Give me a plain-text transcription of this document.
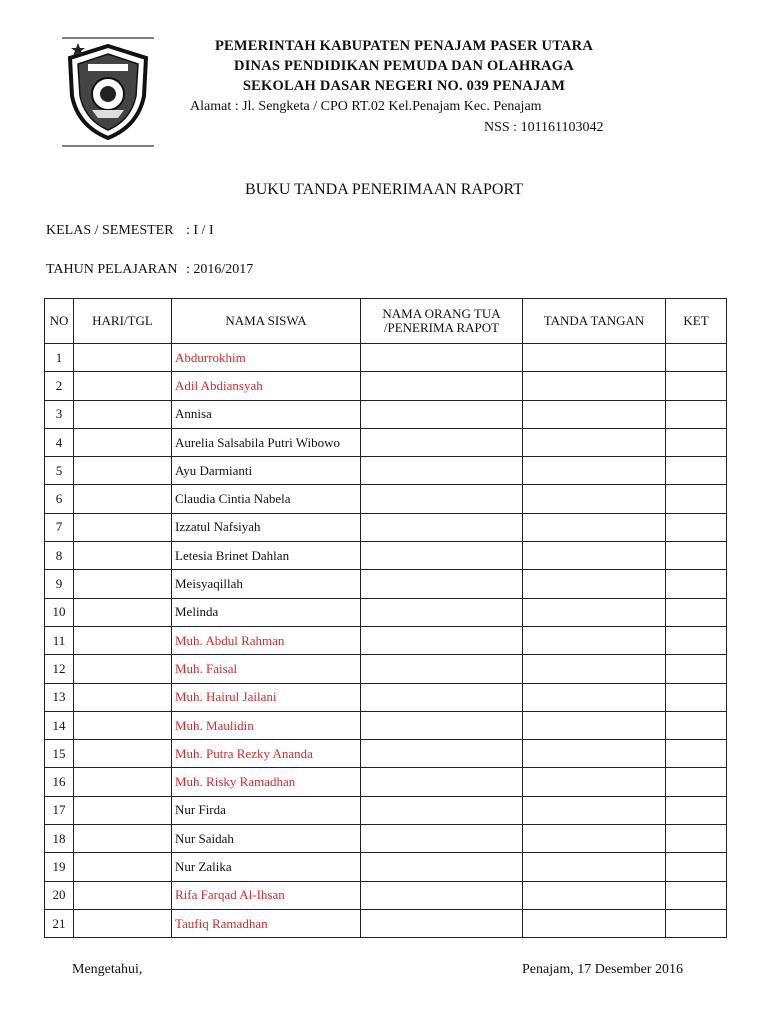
PEMERINTAH KABUPATEN PENAJAM PASER UTARA
DINAS PENDIDIKAN PEMUDA DAN OLAHRAGA
SEKOLAH DASAR NEGERI NO. 039 PENAJAM
Alamat : Jl. Sengketa / CPO RT.02 Kel.Penajam Kec. Penajam
NSS : 101161103042
BUKU TANDA PENERIMAAN RAPORT
KELAS / SEMESTER : I / I
TAHUN PELAJARAN : 2016/2017
NO	HARI/TGL	NAMA SISWA	NAMA ORANG TUA
/PENERIMA RAPOT	TANDA TANGAN	KET
1		Abdurrokhim			
2		Adil Abdiansyah			
3		Annisa			
4		Aurelia Salsabila Putri Wibowo			
5		Ayu Darmianti			
6		Claudia Cintia Nabela			
7		Izzatul Nafsiyah			
8		Letesia Brinet Dahlan			
9		Meisyaqillah			
10		Melinda			
11		Muh. Abdul Rahman			
12		Muh. Faisal			
13		Muh. Hairul Jailani			
14		Muh. Maulidin			
15		Muh. Putra Rezky Ananda			
16		Muh. Risky Ramadhan			
17		Nur Firda			
18		Nur Saidah			
19		Nur Zalika			
20		Rifa Farqad Al-Ihsan			
21		Taufiq Ramadhan			
Mengetahui,	Penajam, 17 Desember 2016
